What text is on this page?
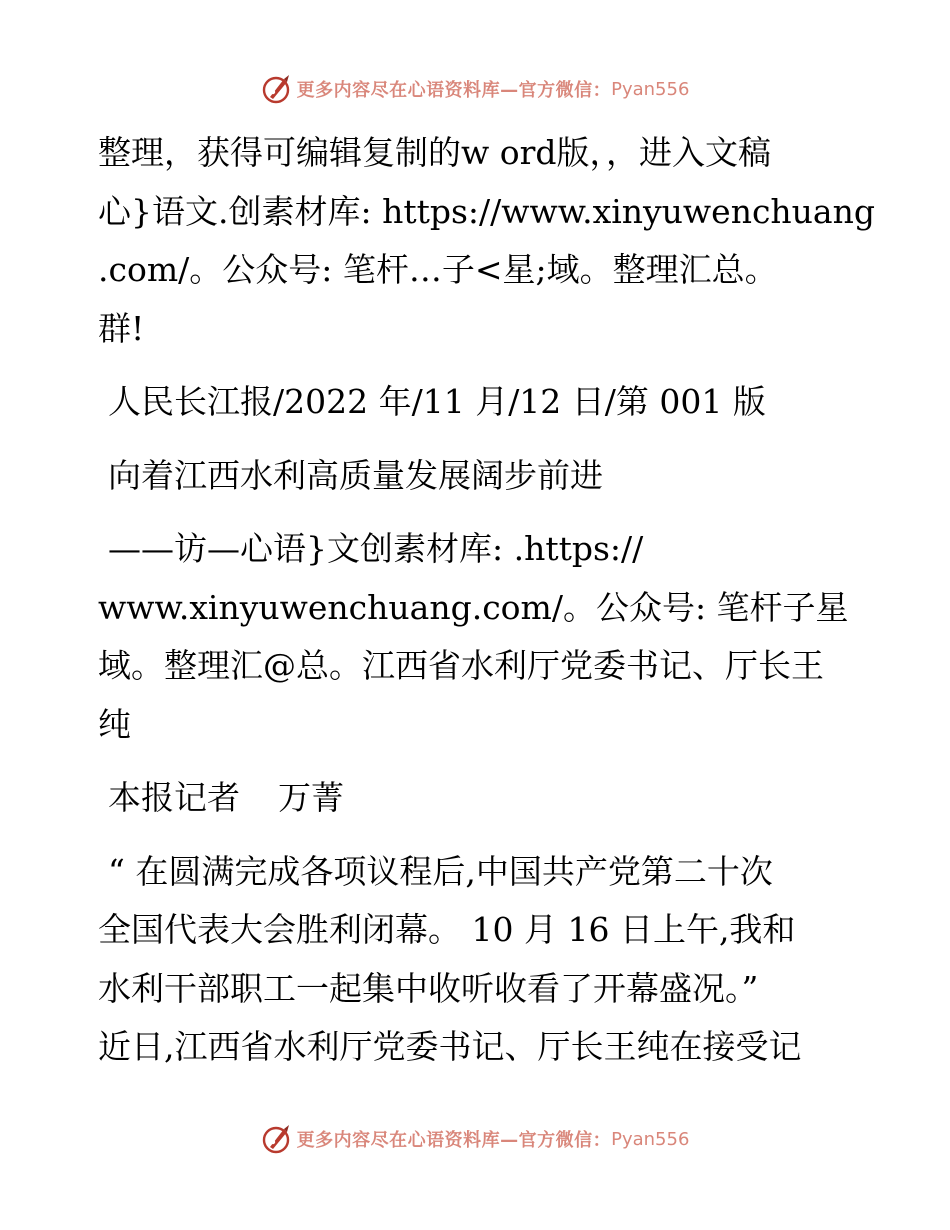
更多内容尽在心语资料库—官方微信： Pyan556

整理，获得可编辑复制的w ord版，，进入文稿
心}语文.创素材库: https://www.xinyuwenchuang
.com/。公众号: 笔杆…子<星;域。整理汇总。
群!

人民长江报/2022 年/11 月/12 日/第 001 版

向着江西水利高质量发展阔步前进

——访—心语}文创素材库: .https://
www.xinyuwenchuang.com/。公众号: 笔杆子星
域。整理汇@总。江西省水利厅党委书记、厅长王
纯

本报记者 万菁

“ 在圆满完成各项议程后,中国共产党第二十次
全国代表大会胜利闭幕。 10 月 16 日上午,我和
水利干部职工一起集中收听收看了开幕盛况。”
近日,江西省水利厅党委书记、厅长王纯在接受记

更多内容尽在心语资料库—官方微信： Pyan556
